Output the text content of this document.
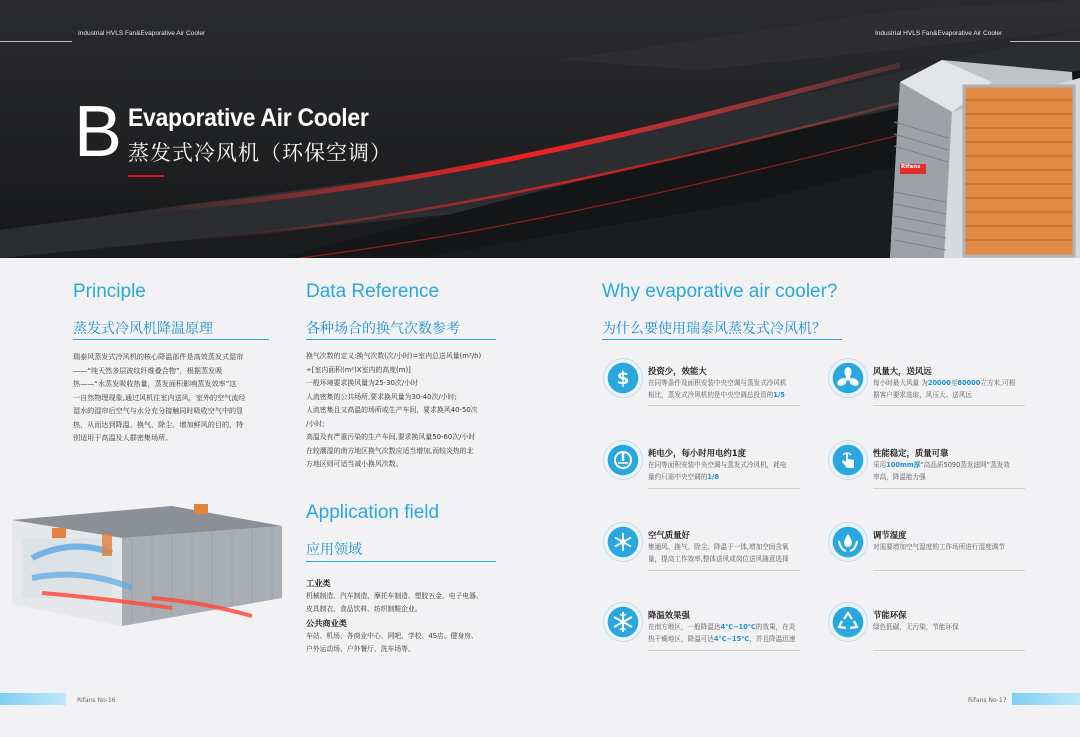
Rifans
Industrial HVLS Fan&Evaporative Air Cooler	Industrial HVLS Fan&Evaporative Air Cooler
B Evaporative Air Cooler
蒸发式冷风机（环保空调）
Principle
蒸发式冷风机降温原理
瑞泰风蒸发式冷风机的核心降温部件是高效蒸发式湿帘
——“纯天然多层波纹纤维叠合物”，根据蒸发吸
热——“水蒸发吸收热量，蒸发面积影响蒸发效率”这
一自然物理现象,通过风机往室内送风，室外的空气流经
湿水的湿帘后空气与水分充分接触同时吸收空气中的显
热，从而达到降温、换气、除尘、增加鲜风的目的，特
别适用于高温及人群密集场所。
Data Reference
各种场合的换气次数参考
换气次数的定义:换气次数(次/小时)=室内总送风量(m³/h)
÷[室内面积(m²)X室内的高度(m)]
一般环境要求换风量为25-30次/小时
人流密集的公共场所,要求换风量为30-40次/小时;
人流密集且又高温的场所或生产车间，要求换风40-50次
/小时;
高温及有严重污染的生产车间,要求换风量50-60次/小时
在较潮湿的南方地区换气次数应适当增加,而较炎热的北
方地区则可适当减小换风次数。
Application field
应用领域
工业类
机械制造、汽车制造、摩托车制造、塑胶五金、电子电器、
皮具制衣、食品饮料、纺织制鞋企业。
公共商业类
车站、机场、各商业中心、网吧、学校、4S店、健身房、
户外运动场、户外餐厅、洗车场等。
Why evaporative air cooler?
为什么要使用瑞泰风蒸发式冷风机？
$ 投资少，效能大
在同等条件及面积安装中央空调与蒸发式冷风机
相比，蒸发式冷风机的是中央空调总投资的1/5
风量大，送风远
每小时最大风量 为20000至80000立方米,可根
据客户要求选取，风压大、送风远
耗电少，每小时用电约1度
在同等面积安装中央空调与蒸发式冷风机，耗电
量约只需中央空调的1/8
性能稳定，质量可靠
采用100mm厚“高品质5090蒸发滤网”蒸发效
率高，降温能力强
空气质量好
集通风、换气、除尘、降温于一体,增加空间含氧
量，提高工作效率,整体送风或岗位送风随意选择
调节湿度
对需要增加空气湿度的工作场所进行湿度调节
降温效果强
在南方地区，一般降温达4℃~10℃的效果，在炎
热干燥地区，降温可达4℃~15℃，并且降温迅速
节能环保
绿色低碳，无污染，节能环保
Rifans No-16	Rifans No-17
